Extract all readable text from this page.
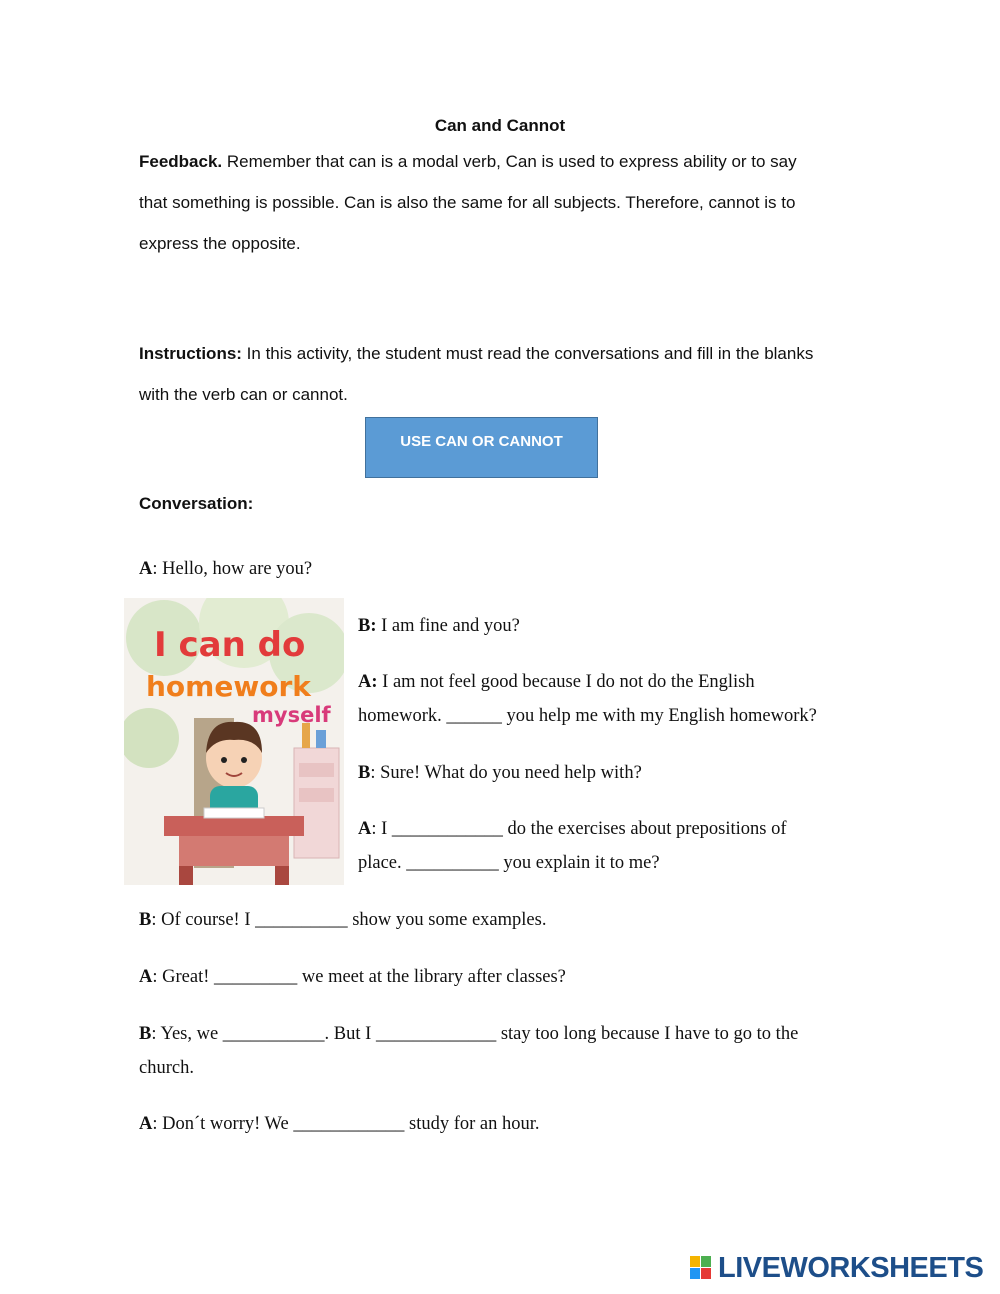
Can and Cannot
Feedback. Remember that can is a modal verb, Can is used to express ability or to say
that something is possible. Can is also the same for all subjects. Therefore, cannot is to
express the opposite.
Instructions: In this activity, the student must read the conversations and fill in the blanks
with the verb can or cannot.
USE CAN OR CANNOT
Conversation:
I can do
homework
myself
A: Hello, how are you?
B: I am fine and you?
A: I am not feel good because I do not do the English
homework. ______ you help me with my English homework?
B: Sure! What do you need help with?
A: I ____________ do the exercises about prepositions of
place. __________ you explain it to me?
B: Of course! I __________ show you some examples.
A: Great! _________ we meet at the library after classes?
B: Yes, we ___________. But I _____________ stay too long because I have to go to the
church.
A: Don´t worry! We ____________ study for an hour.
LIVEWORKSHEETS
